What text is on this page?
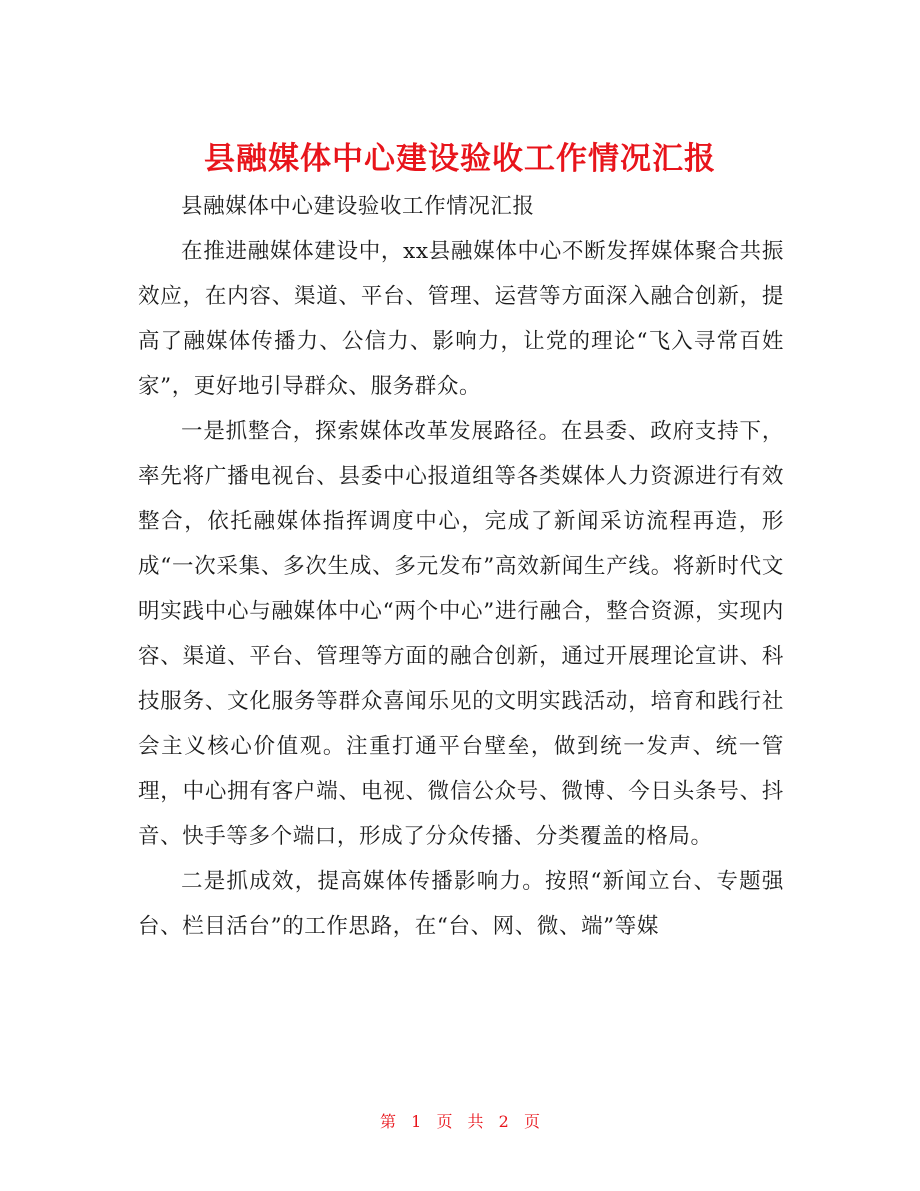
县融媒体中心建设验收工作情况汇报

县融媒体中心建设验收工作情况汇报

在推进融媒体建设中，xx县融媒体中心不断发挥媒体聚合共振效应，在内容、渠道、平台、管理、运营等方面深入融合创新，提高了融媒体传播力、公信力、影响力，让党的理论“飞入寻常百姓家”，更好地引导群众、服务群众。

一是抓整合，探索媒体改革发展路径。在县委、政府支持下，率先将广播电视台、县委中心报道组等各类媒体人力资源进行有效整合，依托融媒体指挥调度中心，完成了新闻采访流程再造，形成“一次采集、多次生成、多元发布”高效新闻生产线。将新时代文明实践中心与融媒体中心“两个中心”进行融合，整合资源，实现内容、渠道、平台、管理等方面的融合创新，通过开展理论宣讲、科技服务、文化服务等群众喜闻乐见的文明实践活动，培育和践行社会主义核心价值观。注重打通平台壁垒，做到统一发声、统一管理，中心拥有客户端、电视、微信公众号、微博、今日头条号、抖音、快手等多个端口，形成了分众传播、分类覆盖的格局。

二是抓成效，提高媒体传播影响力。按照“新闻立台、专题强台、栏目活台”的工作思路，在“台、网、微、端”等媒

第 1 页 共 2 页
